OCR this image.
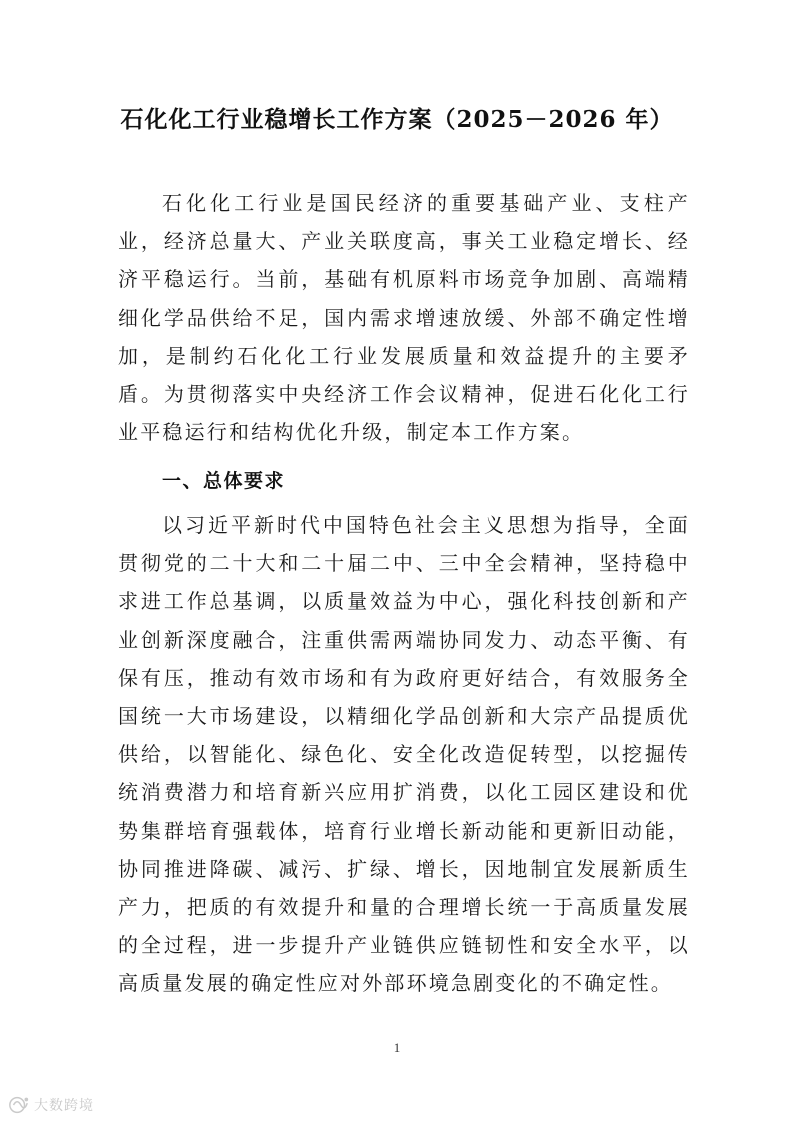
石化化工行业稳增长工作方案（2025－2026 年）

石化化工行业是国民经济的重要基础产业、支柱产业，经济总量大、产业关联度高，事关工业稳定增长、经济平稳运行。当前，基础有机原料市场竞争加剧、高端精细化学品供给不足，国内需求增速放缓、外部不确定性增加，是制约石化化工行业发展质量和效益提升的主要矛盾。为贯彻落实中央经济工作会议精神，促进石化化工行业平稳运行和结构优化升级，制定本工作方案。

一、总体要求

以习近平新时代中国特色社会主义思想为指导，全面贯彻党的二十大和二十届二中、三中全会精神，坚持稳中求进工作总基调，以质量效益为中心，强化科技创新和产业创新深度融合，注重供需两端协同发力、动态平衡、有保有压，推动有效市场和有为政府更好结合，有效服务全国统一大市场建设，以精细化学品创新和大宗产品提质优供给，以智能化、绿色化、安全化改造促转型，以挖掘传统消费潜力和培育新兴应用扩消费，以化工园区建设和优势集群培育强载体，培育行业增长新动能和更新旧动能，协同推进降碳、减污、扩绿、增长，因地制宜发展新质生产力，把质的有效提升和量的合理增长统一于高质量发展的全过程，进一步提升产业链供应链韧性和安全水平，以高质量发展的确定性应对外部环境急剧变化的不确定性。

1
大数跨境
